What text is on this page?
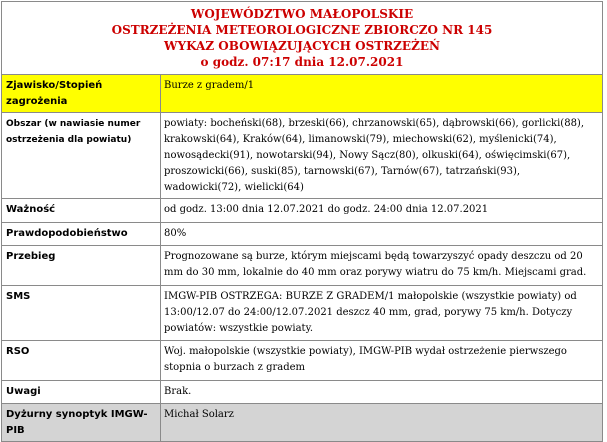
WOJEWÓDZTWO MAŁOPOLSKIE
OSTRZEŻENIA METEOROLOGICZNE ZBIORCZO NR 145
WYKAZ OBOWIĄZUJĄCYCH OSTRZEŻEŃ
o godz. 07:17 dnia 12.07.2021
Zjawisko/Stopień zagrożenia	Burze z gradem/1
Obszar (w nawiasie numer ostrzeżenia dla powiatu)	powiaty: bocheński(68), brzeski(66), chrzanowski(65), dąbrowski(66), gorlicki(88), krakowski(64), Kraków(64), limanowski(79), miechowski(62), myślenicki(74), nowosądecki(91), nowotarski(94), Nowy Sącz(80), olkuski(64), oświęcimski(67), proszowicki(66), suski(85), tarnowski(67), Tarnów(67), tatrzański(93), wadowicki(72), wielicki(64)
Ważność	od godz. 13:00 dnia 12.07.2021 do godz. 24:00 dnia 12.07.2021
Prawdopodobieństwo	80%
Przebieg	Prognozowane są burze, którym miejscami będą towarzyszyć opady deszczu od 20 mm do 30 mm, lokalnie do 40 mm oraz porywy wiatru do 75 km/h. Miejscami grad.
SMS	IMGW-PIB OSTRZEGA: BURZE Z GRADEM/1 małopolskie (wszystkie powiaty) od 13:00/12.07 do 24:00/12.07.2021 deszcz 40 mm, grad, porywy 75 km/h. Dotyczy powiatów: wszystkie powiaty.
RSO	Woj. małopolskie (wszystkie powiaty), IMGW-PIB wydał ostrzeżenie pierwszego stopnia o burzach z gradem
Uwagi	Brak.
Dyżurny synoptyk IMGW-PIB	Michał Solarz
